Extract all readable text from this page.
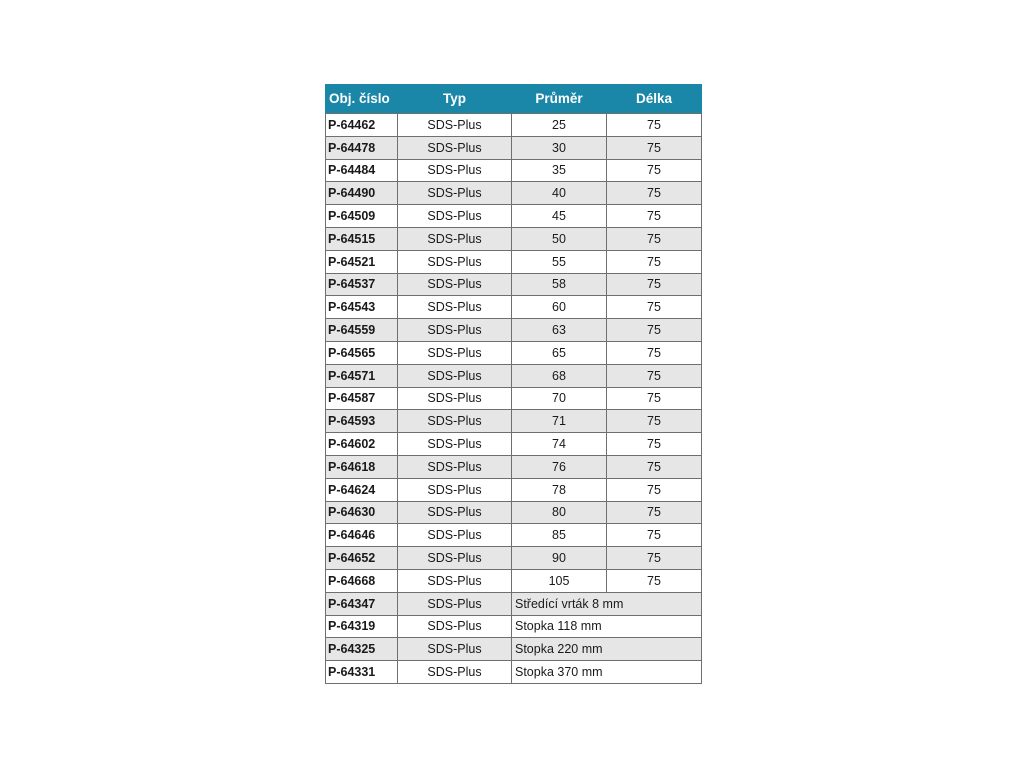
Obj. číslo	Typ	Průměr	Délka
P-64462	SDS-Plus	25	75
P-64478	SDS-Plus	30	75
P-64484	SDS-Plus	35	75
P-64490	SDS-Plus	40	75
P-64509	SDS-Plus	45	75
P-64515	SDS-Plus	50	75
P-64521	SDS-Plus	55	75
P-64537	SDS-Plus	58	75
P-64543	SDS-Plus	60	75
P-64559	SDS-Plus	63	75
P-64565	SDS-Plus	65	75
P-64571	SDS-Plus	68	75
P-64587	SDS-Plus	70	75
P-64593	SDS-Plus	71	75
P-64602	SDS-Plus	74	75
P-64618	SDS-Plus	76	75
P-64624	SDS-Plus	78	75
P-64630	SDS-Plus	80	75
P-64646	SDS-Plus	85	75
P-64652	SDS-Plus	90	75
P-64668	SDS-Plus	105	75
P-64347	SDS-Plus	Středící vrták 8 mm	
P-64319	SDS-Plus	Stopka 118 mm	
P-64325	SDS-Plus	Stopka 220 mm	
P-64331	SDS-Plus	Stopka 370 mm	
